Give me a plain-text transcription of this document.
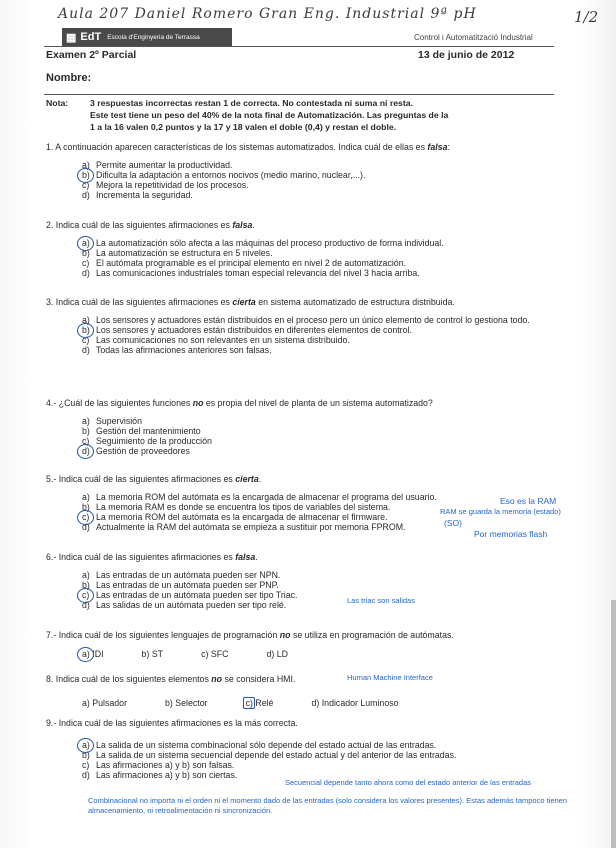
Aula 207 Daniel Romero Gran Eng. Industrial 9ª pH	1/2
▦ EdT Escola d'Enginyeria de Terrassa	Control i Automatització Industrial
Examen 2º Parcial	13 de junio de 2012
Nombre:
Nota:	3 respuestas incorrectas restan 1 de correcta. No contestada ni suma ni resta.
Este test tiene un peso del 40% de la nota final de Automatización. Las preguntas de la
1 a la 16 valen 0,2 puntos y la 17 y 18 valen el doble (0,4) y restan el doble.
1. A continuación aparecen características de los sistemas automatizados. Indica cuál de ellas es falsa:
a) Permite aumentar la productividad.
b) Dificulta la adaptación a entornos nocivos (medio marino, nuclear,...).
c) Mejora la repetitividad de los procesos.
d) Incrementa la seguridad.
2. Indica cuál de las siguientes afirmaciones es falsa.
a) La automatización sólo afecta a las máquinas del proceso productivo de forma individual.
b) La automatización se estructura en 5 niveles.
c) El autómata programable es el principal elemento en nivel 2 de automatización.
d) Las comunicaciones industriales toman especial relevancia del nivel 3 hacia arriba.
3. Indica cuál de las siguientes afirmaciones es cierta en sistema automatizado de estructura distribuida.
a) Los sensores y actuadores están distribuidos en el proceso pero un único elemento de control lo gestiona todo.
b) Los sensores y actuadores están distribuidos en diferentes elementos de control.
c) Las comunicaciones no son relevantes en un sistema distribuido.
d) Todas las afirmaciones anteriores son falsas.
4.- ¿Cuál de las siguientes funciones no es propia del nivel de planta de un sistema automatizado?
a) Supervisión
b) Gestión del mantenimiento
c) Seguimiento de la producción
d) Gestión de proveedores
5.- Indica cuál de las siguientes afirmaciones es cierta.
a) La memoria ROM del autómata es la encargada de almacenar el programa del usuario.
b) La memoria RAM es donde se encuentra los tipos de variables del sistema.
c) La memoria ROM del autómata es la encargada de almacenar el firmware.
d) Actualmente la RAM del autómata se empieza a sustituir por memoria FPROM.
Eso es la RAM
RAM se guarda la memoria (estado)
(SO)
Por memorias flash
6.- Indica cuál de las siguientes afirmaciones es falsa.
a) Las entradas de un autómata pueden ser NPN.
b) Las entradas de un autómata pueden ser PNP.
c) Las entradas de un autómata pueden ser tipo Triac.
d) Las salidas de un autómata pueden ser tipo relé.	Las triac son salidas
7.- Indica cuál de los siguientes lenguajes de programación no se utiliza en programación de autómatas.
a) IDI	b) ST	c) SFC	d) LD
8. Indica cuál de los siguientes elementos no se considera HMI.
a) Pulsador	b) Selector	c) Relé	d) Indicador Luminoso
Human Machine Interface
9.- Indica cuál de las siguientes afirmaciones es la más correcta.
a) La salida de un sistema combinacional sólo depende del estado actual de las entradas.
b) La salida de un sistema secuencial depende del estado actual y del anterior de las entradas.
c) Las afirmaciones a) y b) son falsas.
d) Las afirmaciones a) y b) son ciertas.
Secuencial depende tanto ahora como del estado anterior de las entradas
Combinacional no importa ni el orden ni el momento dado de las entradas (solo considera los valores presentes). Estas además tampoco tienen almacenamiento, ni retroalimentación ni sincronización.
